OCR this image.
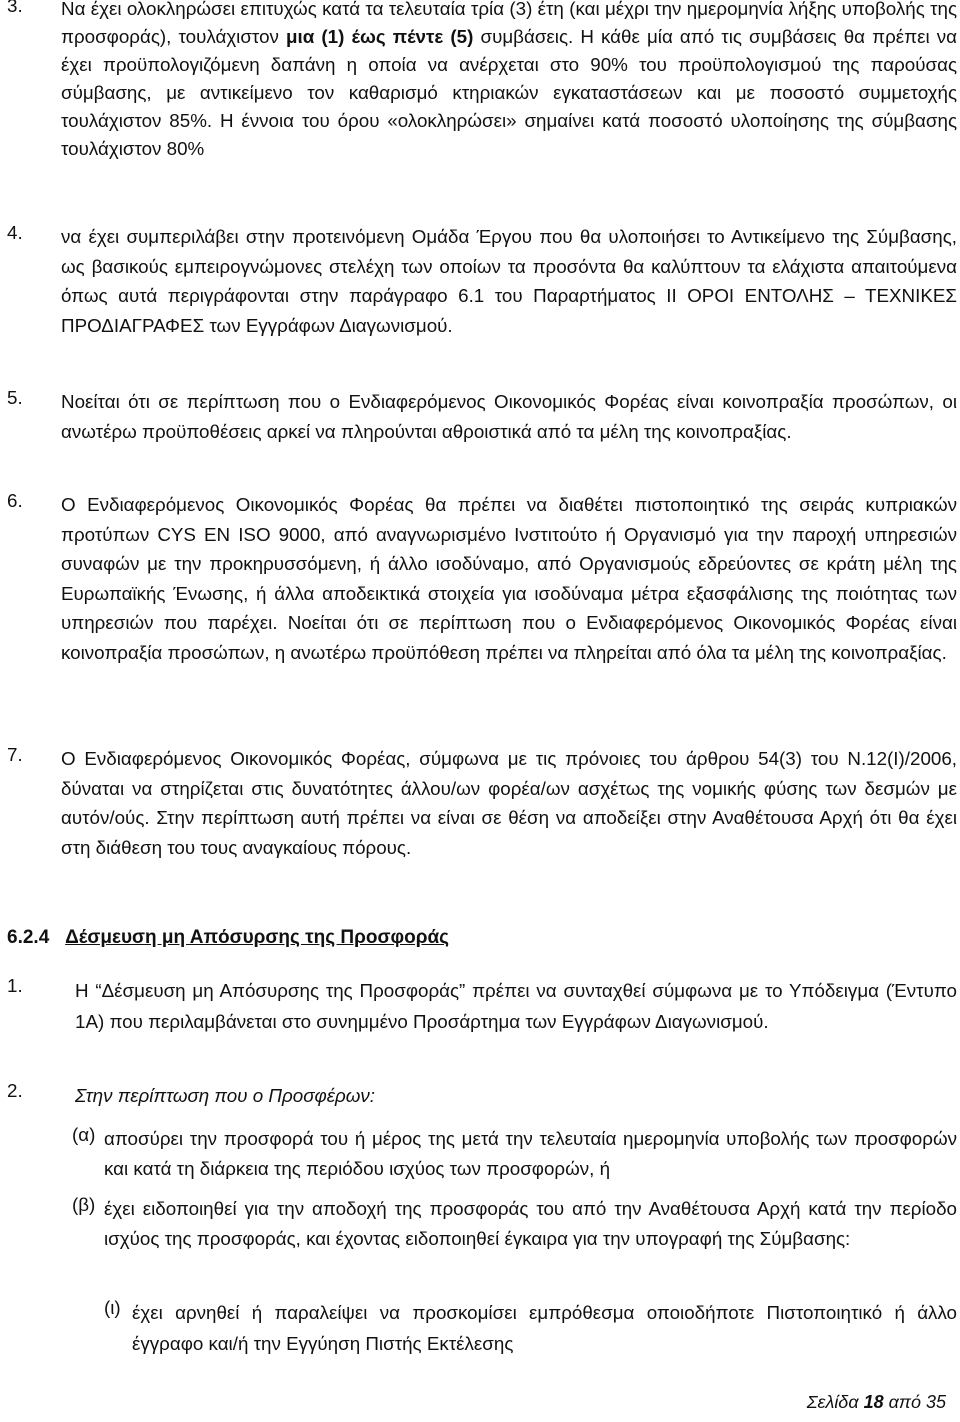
3. Να έχει ολοκληρώσει επιτυχώς κατά τα τελευταία τρία (3) έτη (και μέχρι την ημερομηνία λήξης υποβολής της προσφοράς), τουλάχιστον μια (1) έως πέντε (5) συμβάσεις. Η κάθε μία από τις συμβάσεις θα πρέπει να έχει προϋπολογιζόμενη δαπάνη η οποία να ανέρχεται στο 90% του προϋπολογισμού της παρούσας σύμβασης, με αντικείμενο τον καθαρισμό κτηριακών εγκαταστάσεων και με ποσοστό συμμετοχής τουλάχιστον 85%. Η έννοια του όρου «ολοκληρώσει» σημαίνει κατά ποσοστό υλοποίησης της σύμβασης τουλάχιστον 80%

4. να έχει συμπεριλάβει στην προτεινόμενη Ομάδα Έργου που θα υλοποιήσει το Αντικείμενο της Σύμβασης, ως βασικούς εμπειρογνώμονες στελέχη των οποίων τα προσόντα θα καλύπτουν τα ελάχιστα απαιτούμενα όπως αυτά περιγράφονται στην παράγραφο 6.1 του Παραρτήματος II ΟΡΟΙ ΕΝΤΟΛΗΣ – ΤΕΧΝΙΚΕΣ ΠΡΟΔΙΑΓΡΑΦΕΣ των Εγγράφων Διαγωνισμού.

5. Νοείται ότι σε περίπτωση που ο Ενδιαφερόμενος Οικονομικός Φορέας είναι κοινοπραξία προσώπων, οι ανωτέρω προϋποθέσεις αρκεί να πληρούνται αθροιστικά από τα μέλη της κοινοπραξίας.

6. Ο Ενδιαφερόμενος Οικονομικός Φορέας θα πρέπει να διαθέτει πιστοποιητικό της σειράς κυπριακών προτύπων CYS EN ISO 9000, από αναγνωρισμένο Ινστιτούτο ή Οργανισμό για την παροχή υπηρεσιών συναφών με την προκηρυσσόμενη, ή άλλο ισοδύναμο, από Οργανισμούς εδρεύοντες σε κράτη μέλη της Ευρωπαϊκής Ένωσης, ή άλλα αποδεικτικά στοιχεία για ισοδύναμα μέτρα εξασφάλισης της ποιότητας των υπηρεσιών που παρέχει. Νοείται ότι σε περίπτωση που ο Ενδιαφερόμενος Οικονομικός Φορέας είναι κοινοπραξία προσώπων, η ανωτέρω προϋπόθεση πρέπει να πληρείται από όλα τα μέλη της κοινοπραξίας.

7. Ο Ενδιαφερόμενος Οικονομικός Φορέας, σύμφωνα με τις πρόνοιες του άρθρου 54(3) του N.12(I)/2006, δύναται να στηρίζεται στις δυνατότητες άλλου/ων φορέα/ων ασχέτως της νομικής φύσης των δεσμών με αυτόν/ούς. Στην περίπτωση αυτή πρέπει να είναι σε θέση να αποδείξει στην Αναθέτουσα Αρχή ότι θα έχει στη διάθεση του τους αναγκαίους πόρους.

6.2.4 Δέσμευση μη Απόσυρσης της Προσφοράς
1.	Η “Δέσμευση μη Απόσυρσης της Προσφοράς” πρέπει να συνταχθεί σύμφωνα με το Υπόδειγμα (Έντυπο 1Α) που περιλαμβάνεται στο συνημμένο Προσάρτημα των Εγγράφων Διαγωνισμού.

2.	Στην περίπτωση που ο Προσφέρων:

(α) αποσύρει την προσφορά του ή μέρος της μετά την τελευταία ημερομηνία υποβολής των προσφορών και κατά τη διάρκεια της περιόδου ισχύος των προσφορών, ή

(β) έχει ειδοποιηθεί για την αποδοχή της προσφοράς του από την Αναθέτουσα Αρχή κατά την περίοδο ισχύος της προσφοράς, και έχοντας ειδοποιηθεί έγκαιρα για την υπογραφή της Σύμβασης:

(ι) έχει αρνηθεί ή παραλείψει να προσκομίσει εμπρόθεσμα οποιοδήποτε Πιστοποιητικό ή άλλο έγγραφο και/ή την Εγγύηση Πιστής Εκτέλεσης

Σελίδα 18 από 35
